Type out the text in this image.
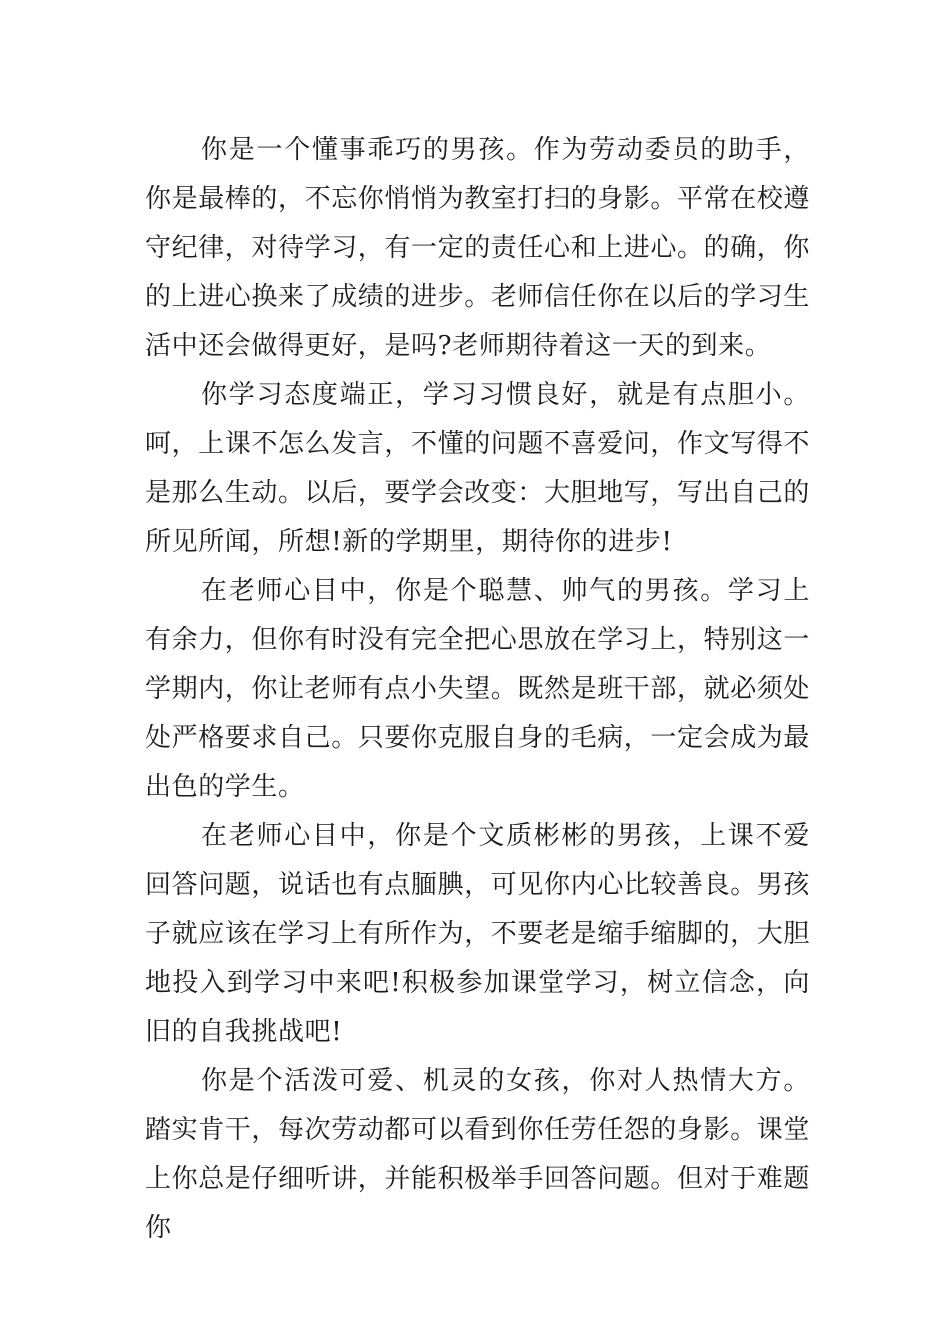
你是一个懂事乖巧的男孩。作为劳动委员的助手，你是最棒的，不忘你悄悄为教室打扫的身影。平常在校遵守纪律，对待学习，有一定的责任心和上进心。的确，你的上进心换来了成绩的进步。老师信任你在以后的学习生活中还会做得更好，是吗?老师期待着这一天的到来。

你学习态度端正，学习习惯良好，就是有点胆小。呵，上课不怎么发言，不懂的问题不喜爱问，作文写得不是那么生动。以后，要学会改变：大胆地写，写出自己的所见所闻，所想!新的学期里，期待你的进步!

在老师心目中，你是个聪慧、帅气的男孩。学习上有余力，但你有时没有完全把心思放在学习上，特别这一学期内，你让老师有点小失望。既然是班干部，就必须处处严格要求自己。只要你克服自身的毛病，一定会成为最出色的学生。

在老师心目中，你是个文质彬彬的男孩，上课不爱回答问题，说话也有点腼腆，可见你内心比较善良。男孩子就应该在学习上有所作为，不要老是缩手缩脚的，大胆地投入到学习中来吧!积极参加课堂学习，树立信念，向旧的自我挑战吧!

你是个活泼可爱、机灵的女孩，你对人热情大方。踏实肯干，每次劳动都可以看到你任劳任怨的身影。课堂上你总是仔细听讲，并能积极举手回答问题。但对于难题你
